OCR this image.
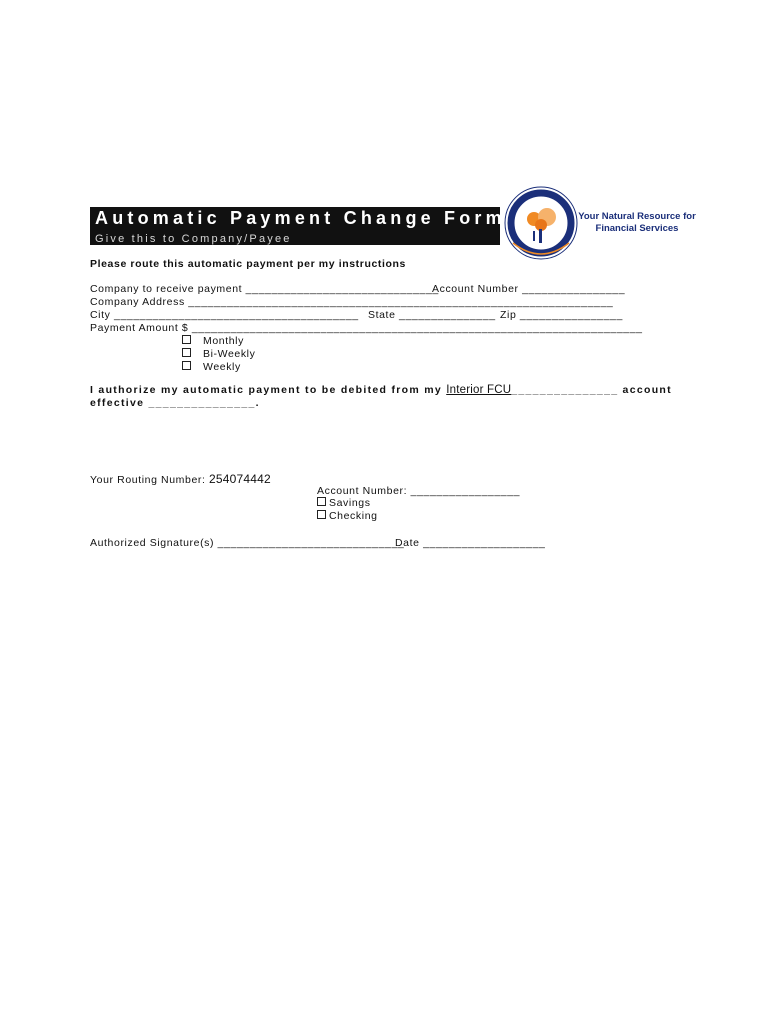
Automatic Payment Change Form
Give this to Company/Payee
Your Natural Resource for Financial Services
Please route this automatic payment per my instructions
Company to receive payment ______________________________
Account Number ________________
Company Address __________________________________________________________________
City ______________________________________ State _______________ Zip ________________
Payment Amount $ ______________________________________________________________________
Monthly
Bi-Weekly
Weekly
I authorize my automatic payment to be debited from my Interior FCU_______________ account
effective _______________.
Your Routing Number: 254074442
Account Number: _________________
Savings
Checking
Authorized Signature(s) _____________________________
Date ___________________
